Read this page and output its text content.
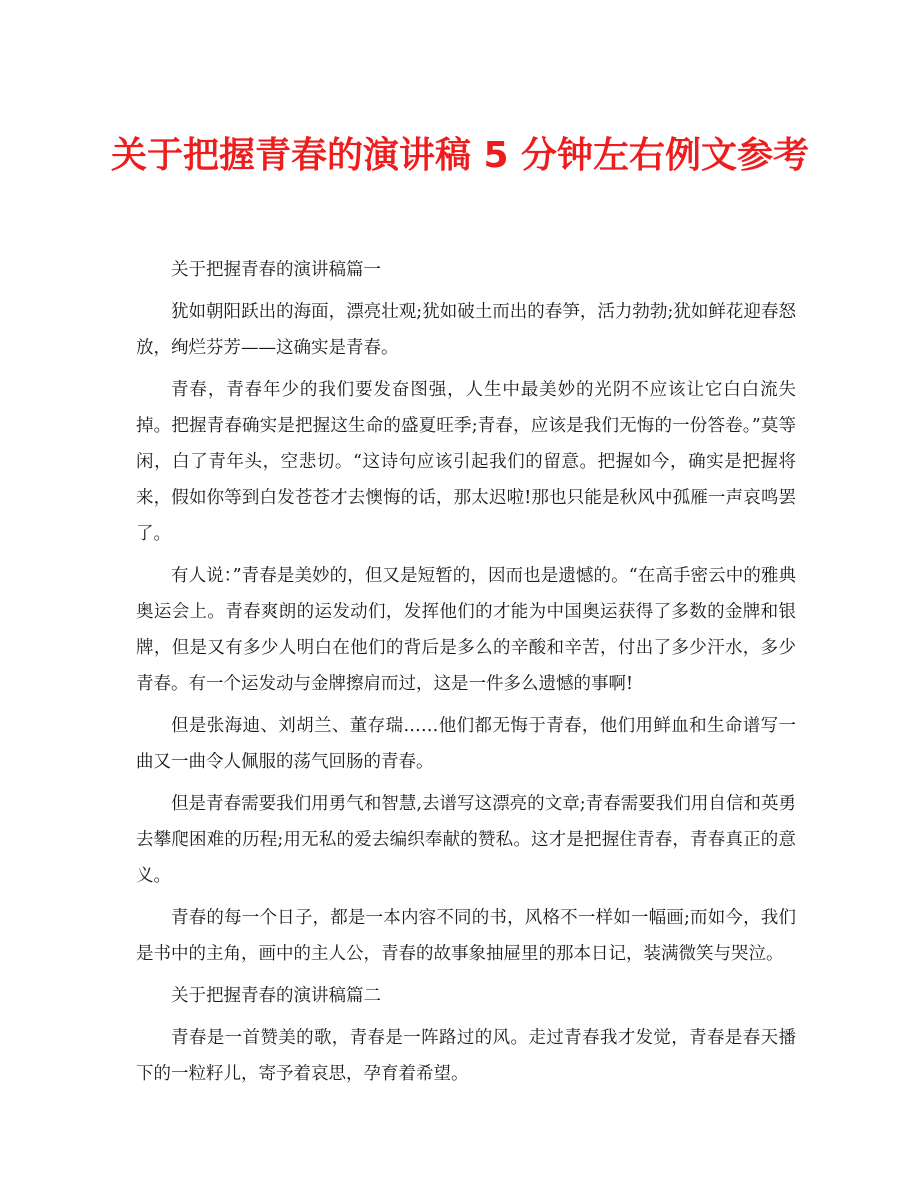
关于把握青春的演讲稿 5 分钟左右例文参考

关于把握青春的演讲稿篇一

犹如朝阳跃出的海面，漂亮壮观;犹如破土而出的春笋，活力勃勃;犹如鲜花迎春怒放，绚烂芬芳——这确实是青春。

青春，青春年少的我们要发奋图强，人生中最美妙的光阴不应该让它白白流失掉。把握青春确实是把握这生命的盛夏旺季;青春，应该是我们无悔的一份答卷。”莫等闲，白了青年头，空悲切。“这诗句应该引起我们的留意。把握如今，确实是把握将来，假如你等到白发苍苍才去懊悔的话，那太迟啦!那也只能是秋风中孤雁一声哀鸣罢了。

有人说：”青春是美妙的，但又是短暂的，因而也是遗憾的。“在高手密云中的雅典奥运会上。青春爽朗的运发动们，发挥他们的才能为中国奥运获得了多数的金牌和银牌，但是又有多少人明白在他们的背后是多么的辛酸和辛苦，付出了多少汗水，多少青春。有一个运发动与金牌擦肩而过，这是一件多么遗憾的事啊!

但是张海迪、刘胡兰、董存瑞……他们都无悔于青春，他们用鲜血和生命谱写一曲又一曲令人佩服的荡气回肠的青春。

但是青春需要我们用勇气和智慧,去谱写这漂亮的文章;青春需要我们用自信和英勇去攀爬困难的历程;用无私的爱去编织奉献的赞私。这才是把握住青春，青春真正的意义。

青春的每一个日子，都是一本内容不同的书，风格不一样如一幅画;而如今，我们是书中的主角，画中的主人公，青春的故事象抽屉里的那本日记，装满微笑与哭泣。

关于把握青春的演讲稿篇二

青春是一首赞美的歌，青春是一阵路过的风。走过青春我才发觉，青春是春天播下的一粒籽儿，寄予着哀思，孕育着希望。
